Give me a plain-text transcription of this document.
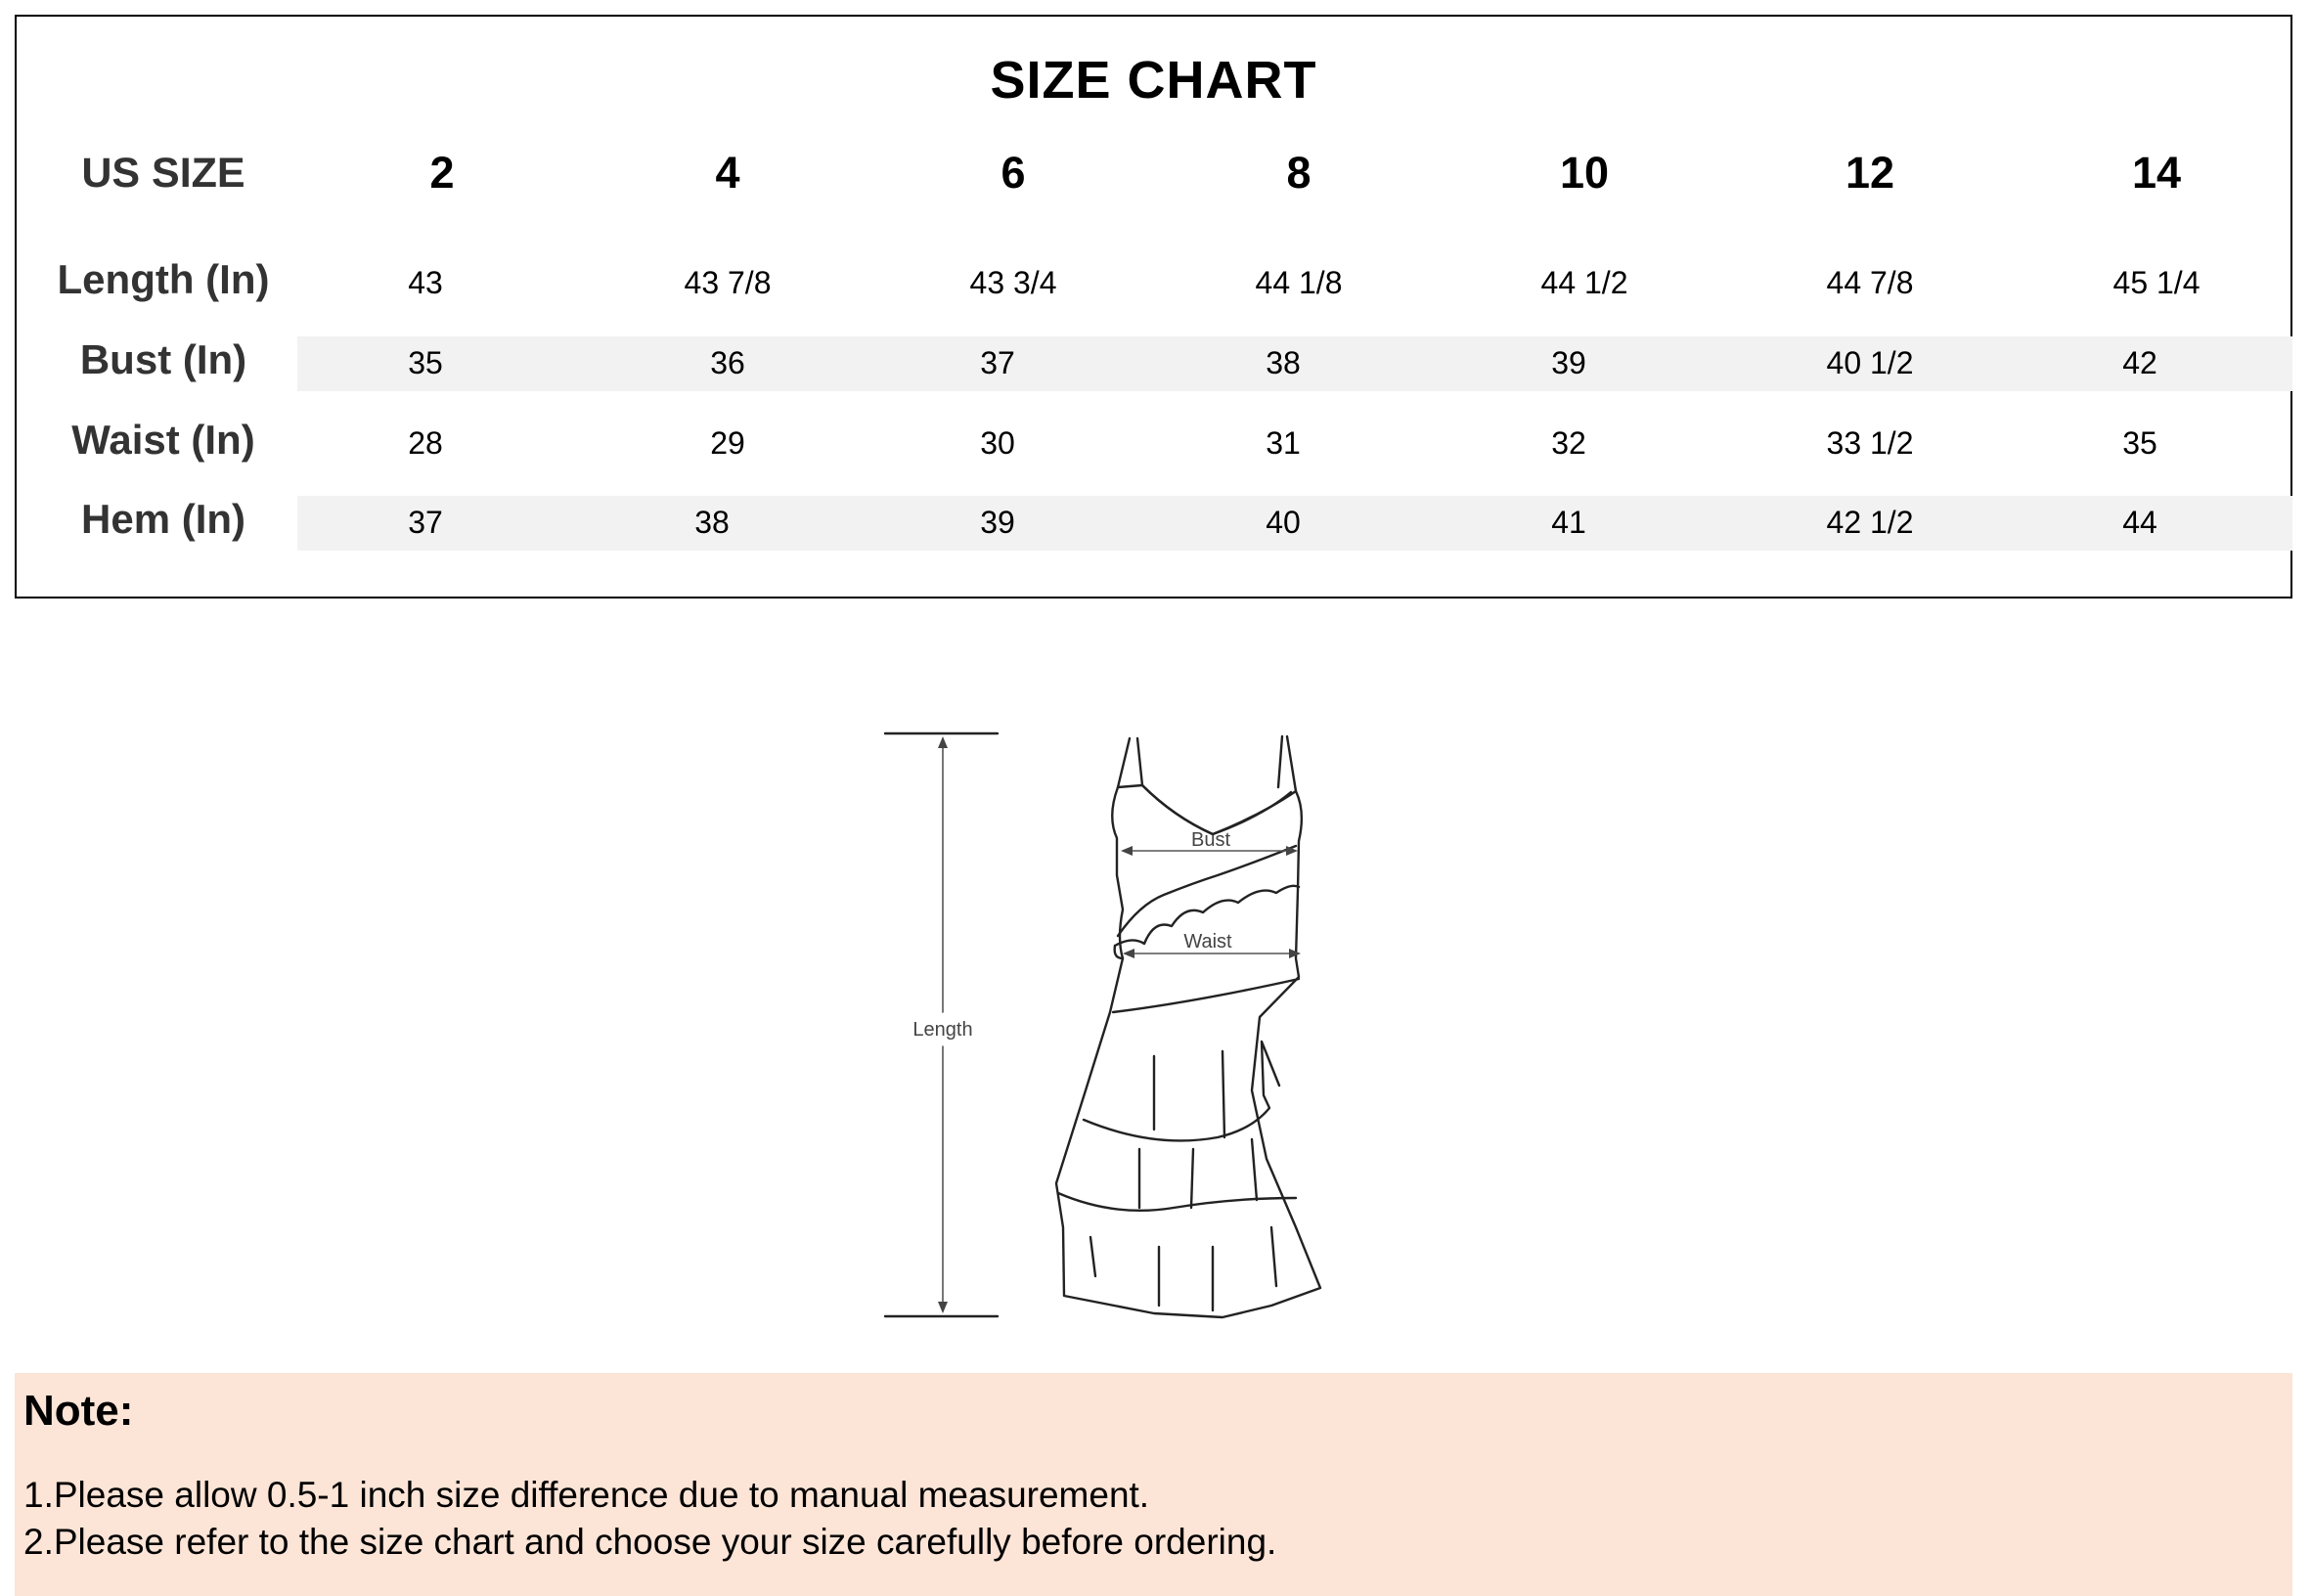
SIZE CHART
US SIZE	2	4	6	8	10	12	14
Length (In)	43	43 7/8	43 3/4	44 1/8	44 1/2	44 7/8	45 1/4
Bust (In)	35	36	37	38	39	40 1/2	42
Waist (In)	28	29	30	31	32	33 1/2	35
Hem (In)	37	38	39	40	41	42 1/2	44
Bust
Waist
Length
Note:
1.Please allow 0.5-1 inch size difference due to manual measurement.
2.Please refer to the size chart and choose your size carefully before ordering.
